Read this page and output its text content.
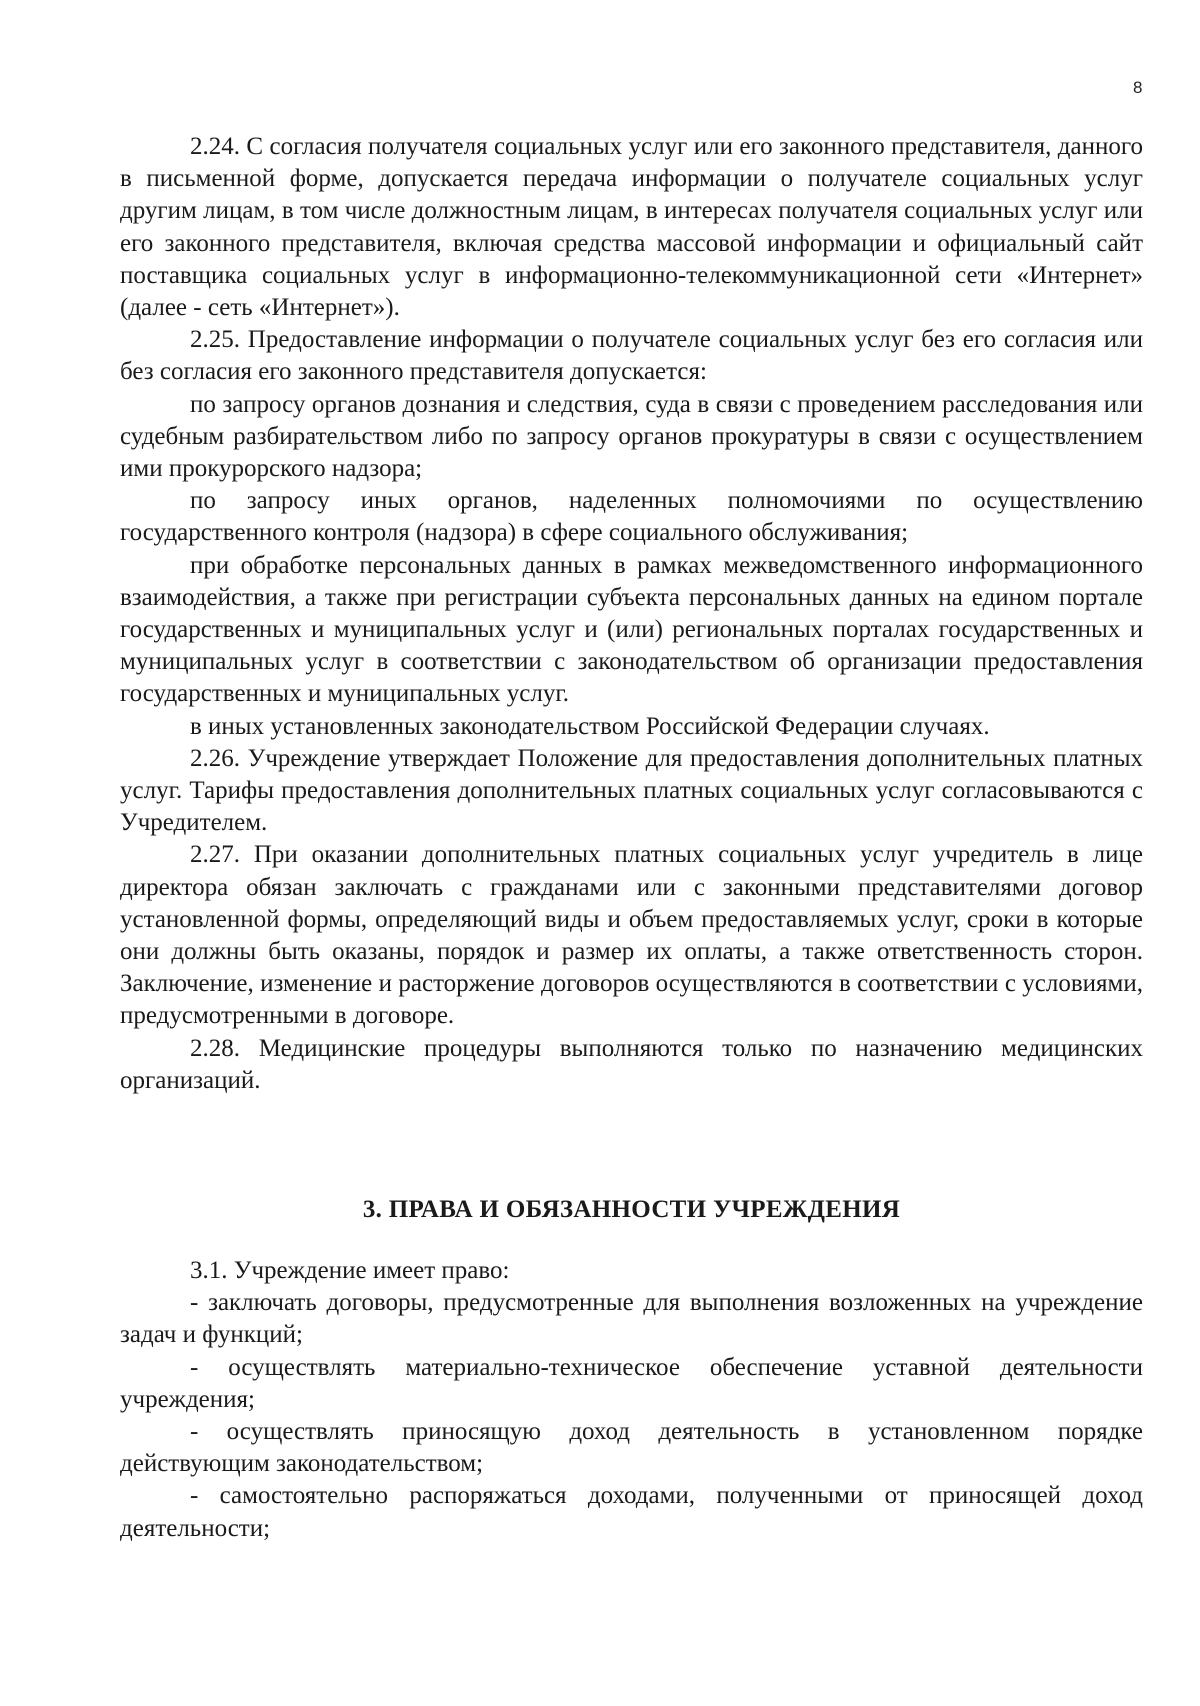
8

2.24. С согласия получателя социальных услуг или его законного представителя, данного в письменной форме, допускается передача информации о получателе социальных услуг другим лицам, в том числе должностным лицам, в интересах получателя социальных услуг или его законного представителя, включая средства массовой информации и официальный сайт поставщика социальных услуг в информационно-телекоммуникационной сети «Интернет» (далее - сеть «Интернет»).

2.25. Предоставление информации о получателе социальных услуг без его согласия или без согласия его законного представителя допускается:

по запросу органов дознания и следствия, суда в связи с проведением расследования или судебным разбирательством либо по запросу органов прокуратуры в связи с осуществлением ими прокурорского надзора;

по запросу иных органов, наделенных полномочиями по осуществлению государственного контроля (надзора) в сфере социального обслуживания;

при обработке персональных данных в рамках межведомственного информационного взаимодействия, а также при регистрации субъекта персональных данных на едином портале государственных и муниципальных услуг и (или) региональных порталах государственных и муниципальных услуг в соответствии с законодательством об организации предоставления государственных и муниципальных услуг.

в иных установленных законодательством Российской Федерации случаях.

2.26. Учреждение утверждает Положение для предоставления дополнительных платных услуг. Тарифы предоставления дополнительных платных социальных услуг согласовываются с Учредителем.

2.27. При оказании дополнительных платных социальных услуг учредитель в лице директора обязан заключать с гражданами или с законными представителями договор установленной формы, определяющий виды и объем предоставляемых услуг, сроки в которые они должны быть оказаны, порядок и размер их оплаты, а также ответственность сторон. Заключение, изменение и расторжение договоров осуществляются в соответствии с условиями, предусмотренными в договоре.

2.28. Медицинские процедуры выполняются только по назначению медицинских организаций.

3. ПРАВА И ОБЯЗАННОСТИ УЧРЕЖДЕНИЯ

3.1. Учреждение имеет право:

- заключать договоры, предусмотренные для выполнения возложенных на учреждение задач и функций;

- осуществлять материально-техническое обеспечение уставной деятельности учреждения;

- осуществлять приносящую доход деятельность в установленном порядке действующим законодательством;

- самостоятельно распоряжаться доходами, полученными от приносящей доход деятельности;
